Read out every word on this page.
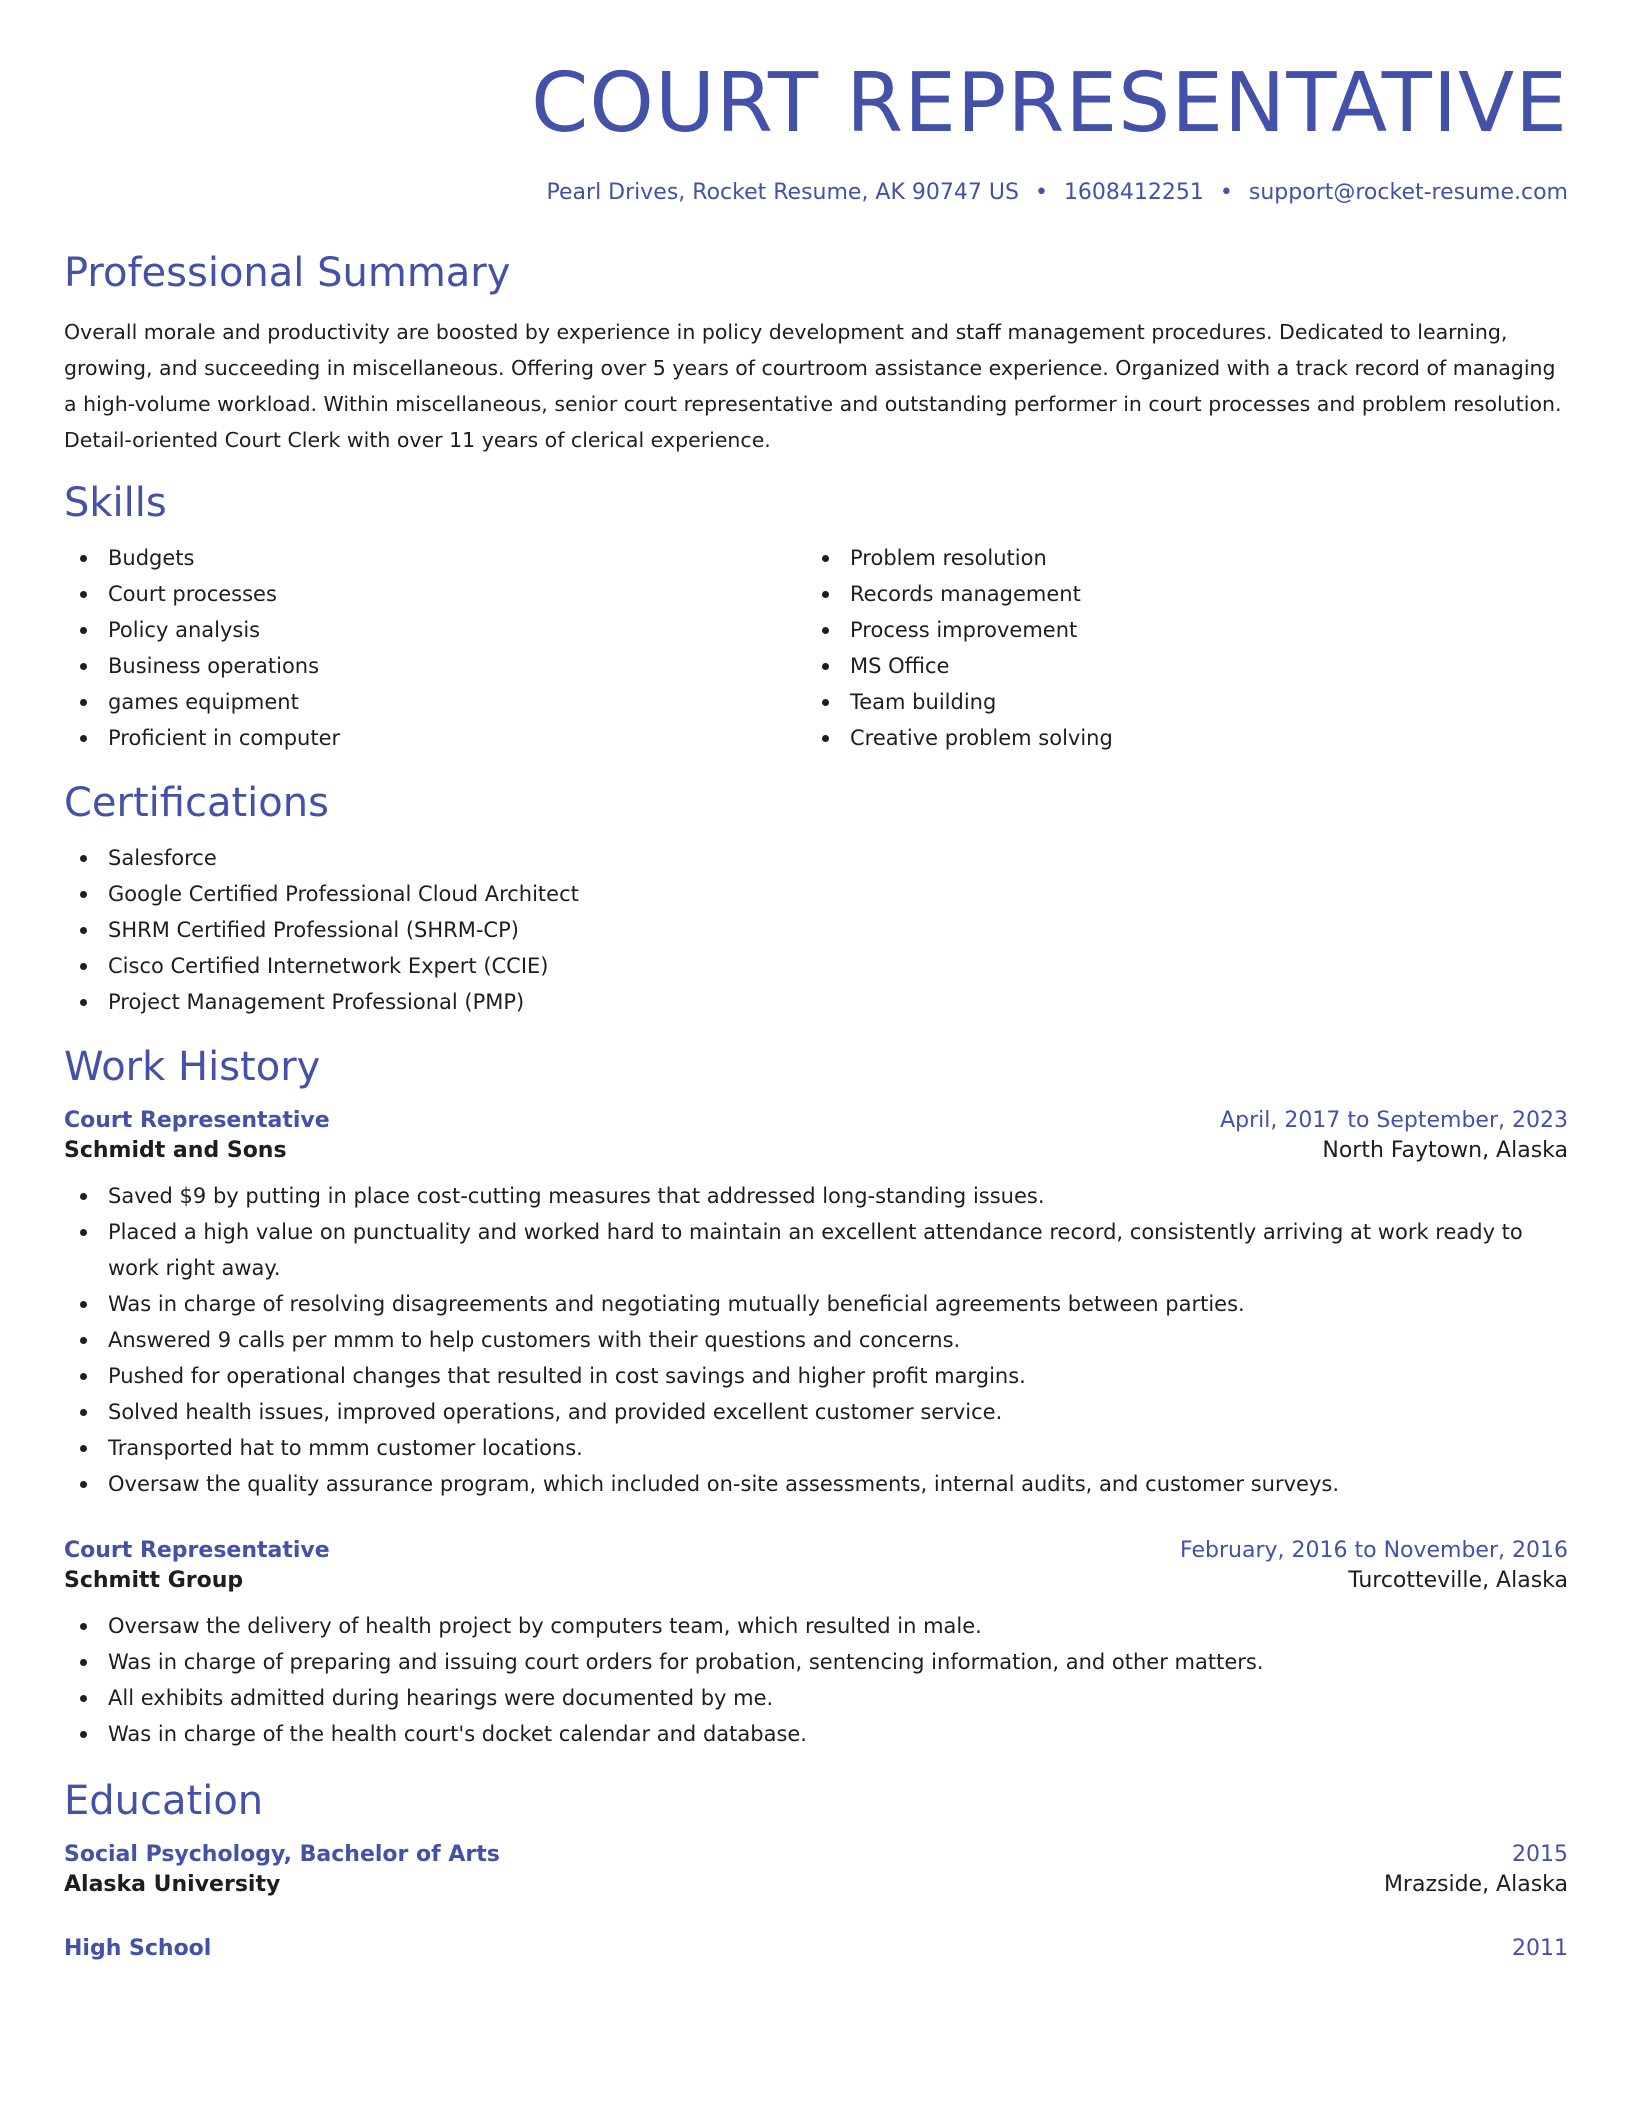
COURT REPRESENTATIVE
Pearl Drives, Rocket Resume, AK 90747 US • 1608412251 • support@rocket-resume.com
Professional Summary

Overall morale and productivity are boosted by experience in policy development and staff management procedures. Dedicated to learning, growing, and succeeding in miscellaneous. Offering over 5 years of courtroom assistance experience. Organized with a track record of managing a high-volume workload. Within miscellaneous, senior court representative and outstanding performer in court processes and problem resolution. Detail-oriented Court Clerk with over 11 years of clerical experience.

Skills
Budgets
Court processes
Policy analysis
Business operations
games equipment
Proficient in computer
Problem resolution
Records management
Process improvement
MS Office
Team building
Creative problem solving
Certifications
Salesforce
Google Certified Professional Cloud Architect
SHRM Certified Professional (SHRM-CP)
Cisco Certified Internetwork Expert (CCIE)
Project Management Professional (PMP)
Work History
Court Representative	April, 2017 to September, 2023
Schmidt and Sons	North Faytown, Alaska
Saved $9 by putting in place cost-cutting measures that addressed long-standing issues.
Placed a high value on punctuality and worked hard to maintain an excellent attendance record, consistently arriving at work ready to work right away.
Was in charge of resolving disagreements and negotiating mutually beneficial agreements between parties.
Answered 9 calls per mmm to help customers with their questions and concerns.
Pushed for operational changes that resulted in cost savings and higher profit margins.
Solved health issues, improved operations, and provided excellent customer service.
Transported hat to mmm customer locations.
Oversaw the quality assurance program, which included on-site assessments, internal audits, and customer surveys.
Court Representative	February, 2016 to November, 2016
Schmitt Group	Turcotteville, Alaska
Oversaw the delivery of health project by computers team, which resulted in male.
Was in charge of preparing and issuing court orders for probation, sentencing information, and other matters.
All exhibits admitted during hearings were documented by me.
Was in charge of the health court's docket calendar and database.
Education
Social Psychology, Bachelor of Arts	2015
Alaska University	Mrazside, Alaska
High School	2011
